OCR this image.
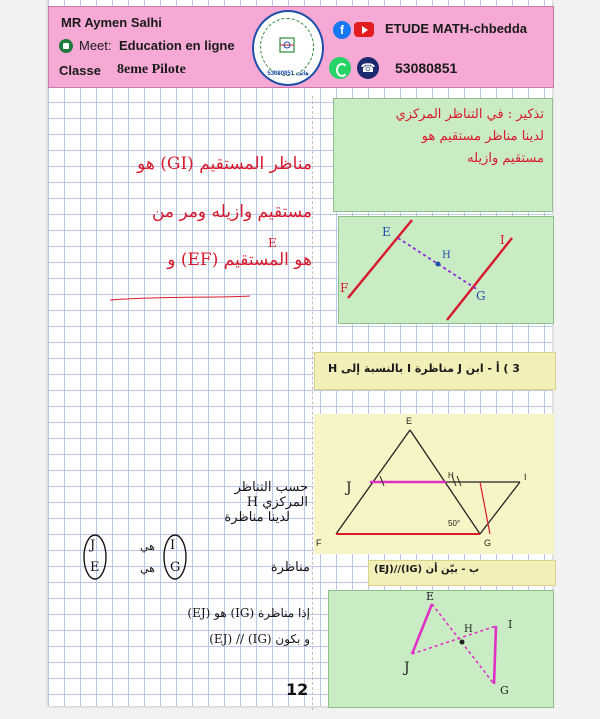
MR Aymen Salhi
Meet: Education en ligne
Classe 8eme Pilote	هاتف 53080851
f
☎
ETUDE MATH-chbedda
53080851
تذكير : في التناظر المركزي
لدينا مناظر مستقيم هو
مستقيم وازيله
مناظر المستقيم (GI) هو
مستقيم وازيله ومر من
هو المستقيم (EF) و
E
3 ) أ - ابن J مناظرة I بالنسبة إلى H
ب - بيّن أن (IG)//(EJ)
حسب التناظر المركزي H
لدينا مناظرة
مناظرة
إذا مناظرة (IG) هو (EJ)
و بكون (IG) // (EJ)
J
E
I
G
هي
هي
12
E
H
F
I
G
E
H	I
J
F	G
50°
E
H	I
J
G
